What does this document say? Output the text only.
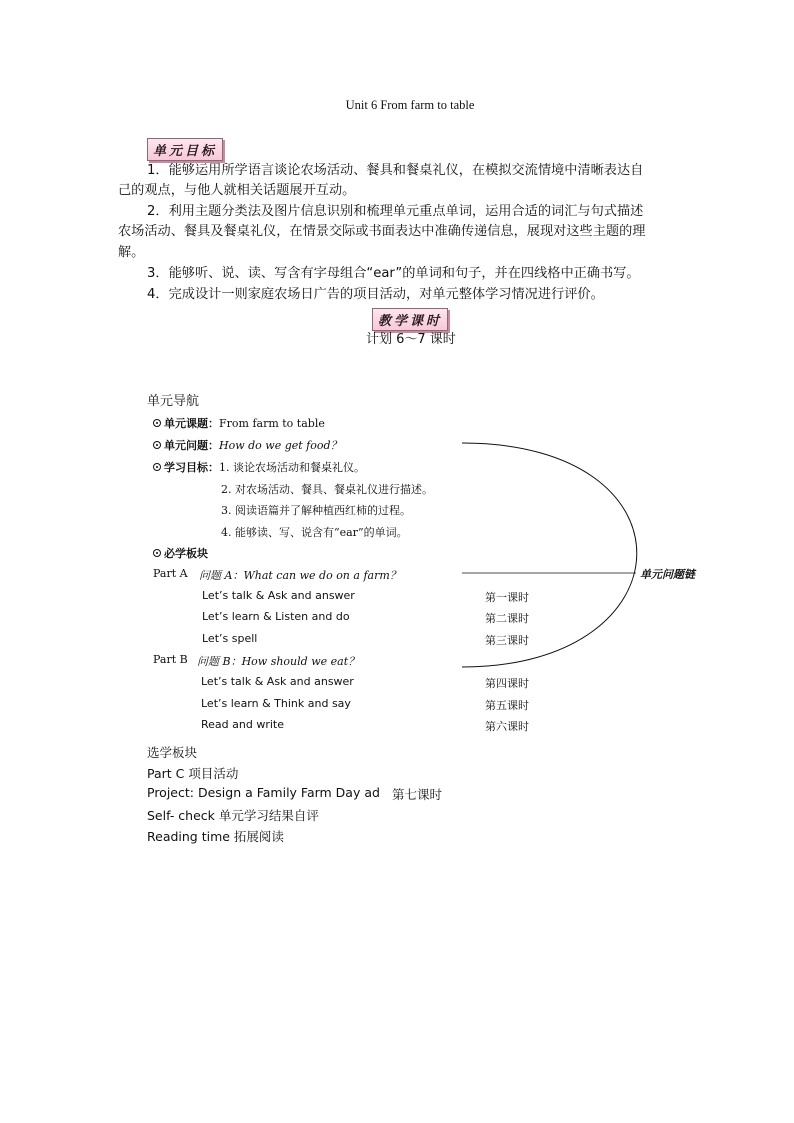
Unit 6 From farm to table
单元目标
1．能够运用所学语言谈论农场活动、餐具和餐桌礼仪，在模拟交流情境中清晰表达自
己的观点，与他人就相关话题展开互动。
2．利用主题分类法及图片信息识别和梳理单元重点单词，运用合适的词汇与句式描述
农场活动、餐具及餐桌礼仪，在情景交际或书面表达中准确传递信息，展现对这些主题的理
解。
3．能够听、说、读、写含有字母组合“ear”的单词和句子，并在四线格中正确书写。
4．完成设计一则家庭农场日广告的项目活动，对单元整体学习情况进行评价。
教学课时
计划 6～7 课时
单元导航
单元课题：From farm to table
单元问题：How do we get food？
学习目标：1. 谈论农场活动和餐桌礼仪。
2. 对农场活动、餐具、餐桌礼仪进行描述。
3. 阅读语篇并了解种植西红柿的过程。
4. 能够读、写、说含有“ear”的单词。
必学板块
Part A 问题 A：What can we do on a farm？
Let’s talk & Ask and answer	第一课时
Let’s learn & Listen and do	第二课时
Let’s spell	第三课时
Part B 问题 B：How should we eat？
Let’s talk & Ask and answer	第四课时
Let’s learn & Think and say	第五课时
Read and write	第六课时
单元问题链
选学板块
Part C 项目活动
Project: Design a Family Farm Day ad 第七课时
Self- check 单元学习结果自评
Reading time 拓展阅读
